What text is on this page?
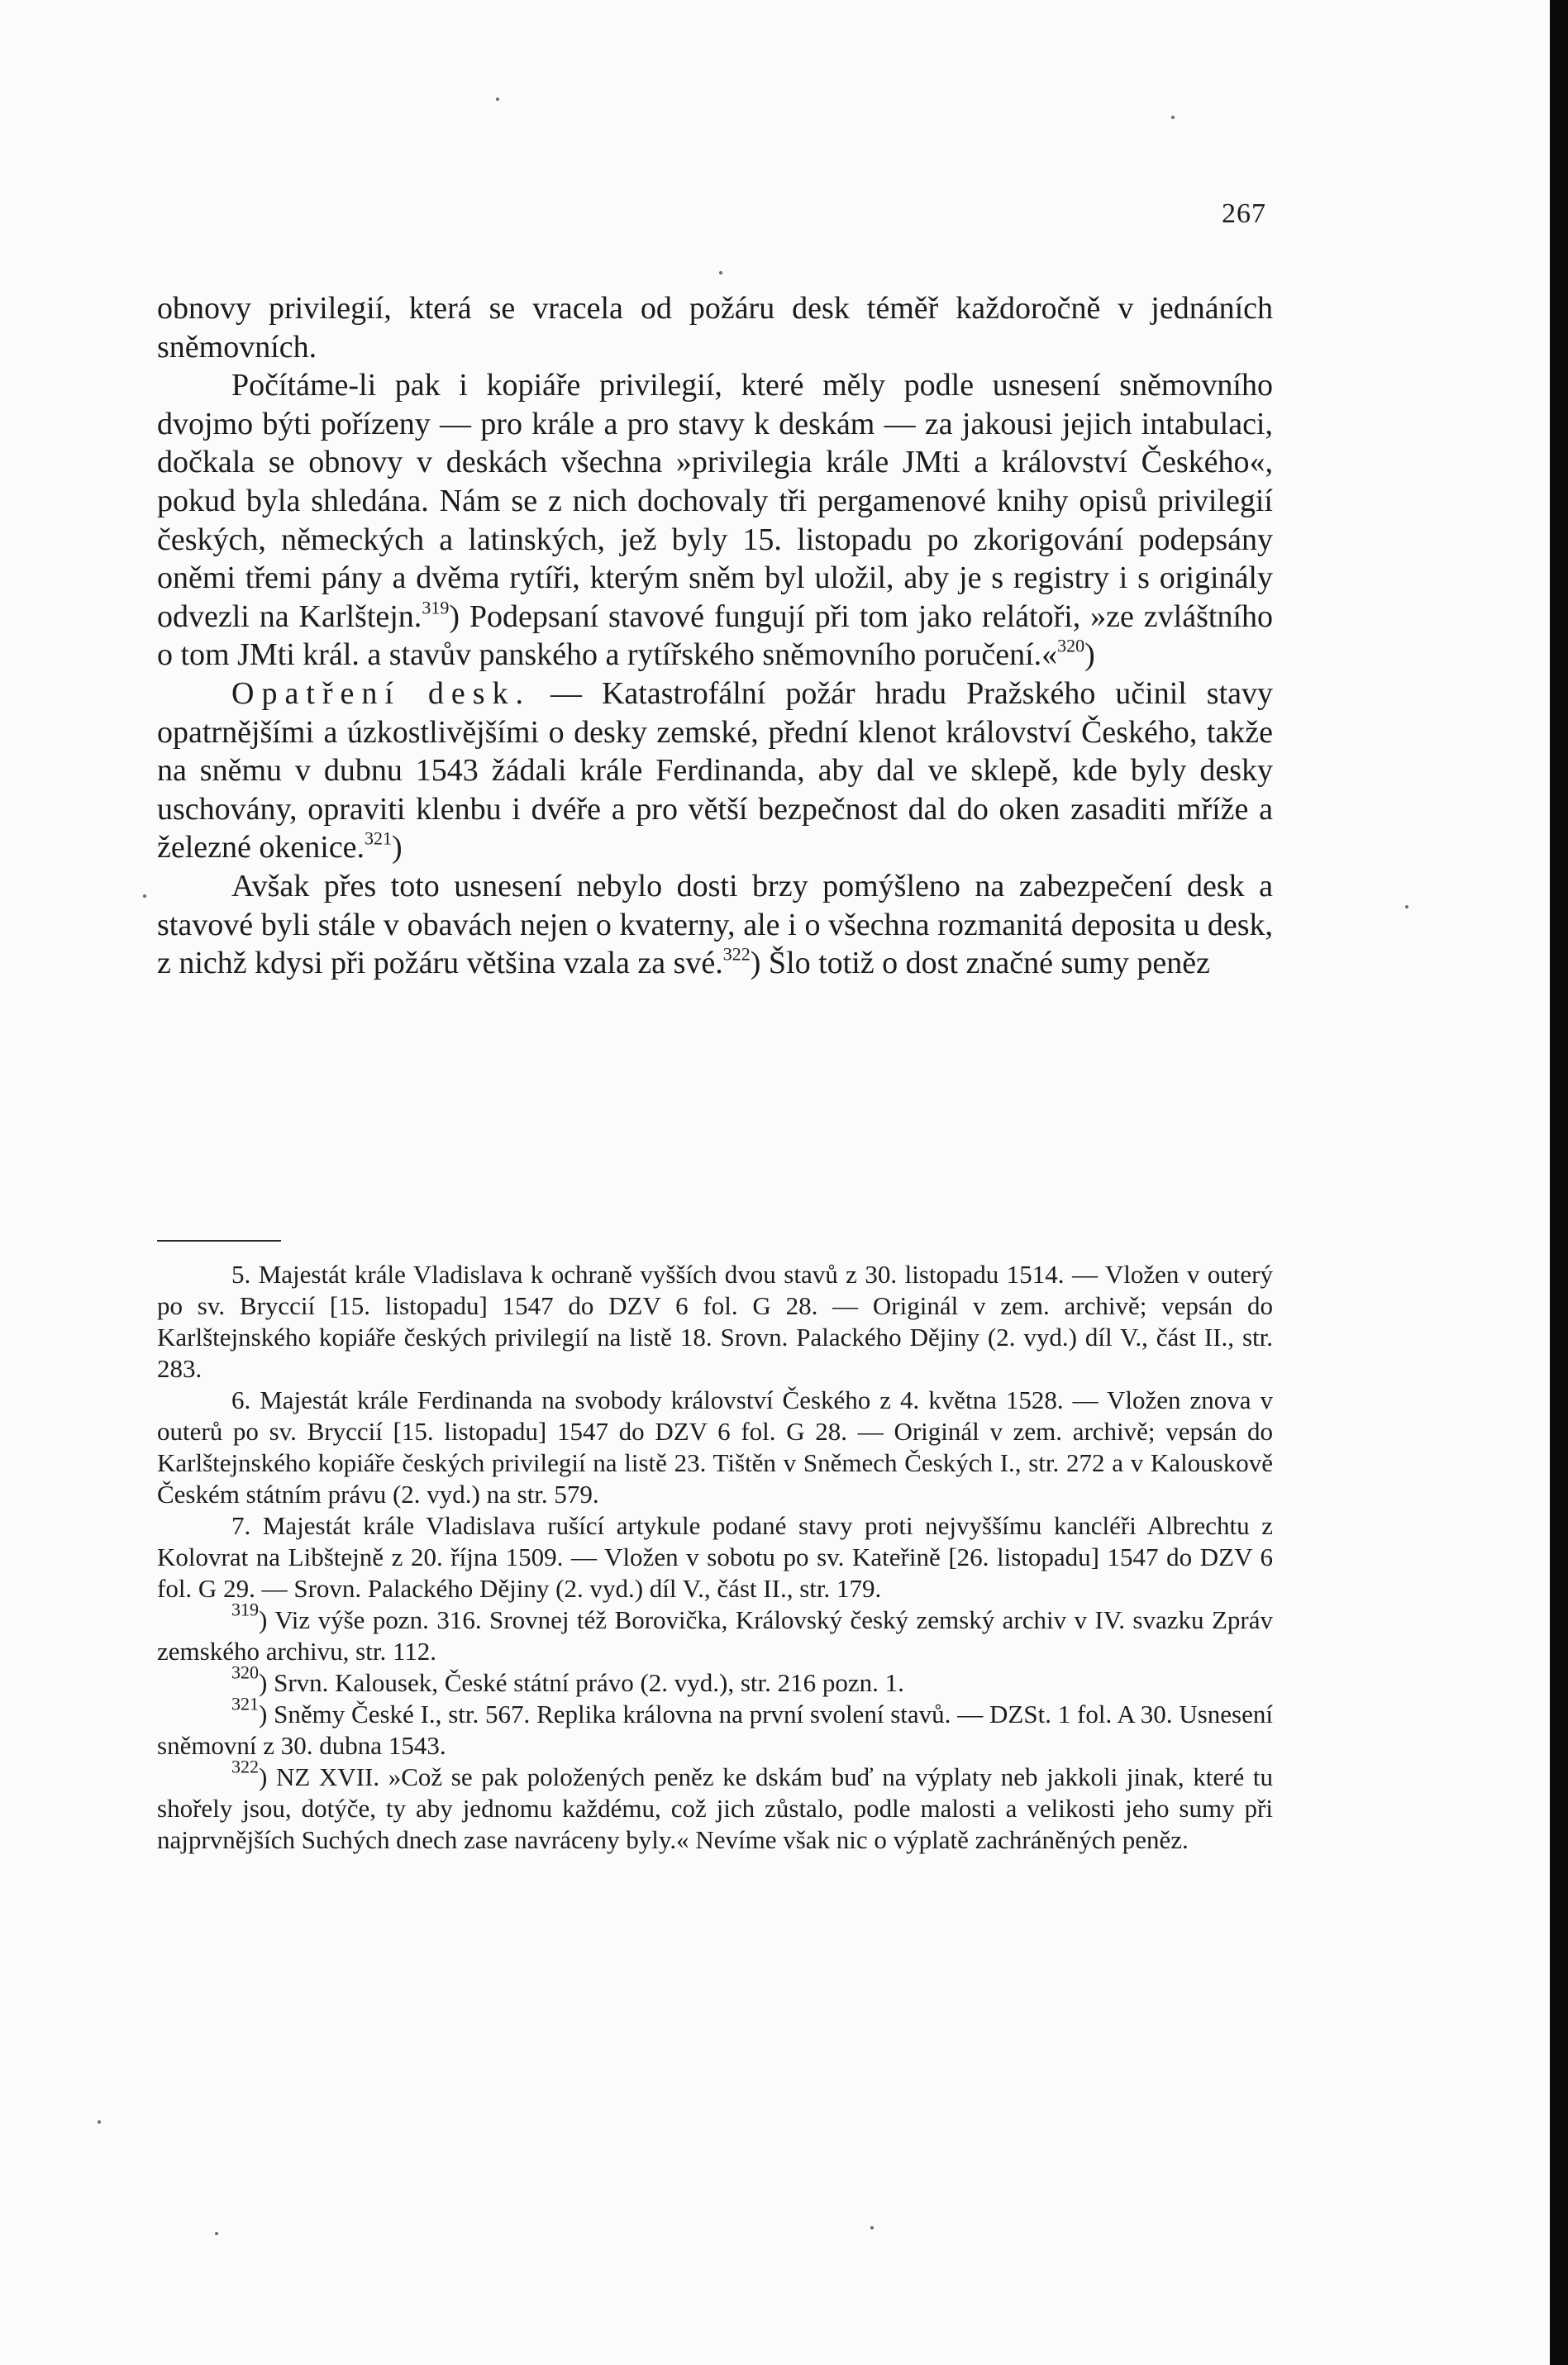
267

obnovy privilegií, která se vracela od požáru desk téměř každoročně v jednáních sněmovních.

Počítáme-li pak i kopiáře privilegií, které měly podle usnesení sněmovního dvojmo býti pořízeny — pro krále a pro stavy k deskám — za jakousi jejich intabulaci, dočkala se obnovy v deskách všechna »privilegia krále JMti a království Českého«, pokud byla shledána. Nám se z nich dochovaly tři pergamenové knihy opisů privilegií českých, německých a latinských, jež byly 15. listopadu po zkorigování podepsány oněmi třemi pány a dvěma rytíři, kterým sněm byl uložil, aby je s registry i s originály odvezli na Karlštejn.$^{319}$) Podepsaní stavové fungují při tom jako relátoři, »ze zvláštního o tom JMti král. a stavův panského a rytířského sněmovního poručení.«$^{320}$)

Opatření desk. — Katastrofální požár hradu Pražského učinil stavy opatrnějšími a úzkostlivějšími o desky zemské, přední klenot království Českého, takže na sněmu v dubnu 1543 žádali krále Ferdinanda, aby dal ve sklepě, kde byly desky uschovány, opraviti klenbu i dvéře a pro větší bezpečnost dal do oken zasaditi mříže a železné okenice.$^{321}$)

Avšak přes toto usnesení nebylo dosti brzy pomýšleno na zabezpečení desk a stavové byli stále v obavách nejen o kvaterny, ale i o všechna rozmanitá deposita u desk, z nichž kdysi při požáru většina vzala za své.$^{322}$) Šlo totiž o dost značné sumy peněz

5. Majestát krále Vladislava k ochraně vyšších dvou stavů z 30. listopadu 1514. — Vložen v outerý po sv. Bryccií [15. listopadu] 1547 do DZV 6 fol. G 28. — Originál v zem. archivě; vepsán do Karlštejnského kopiáře českých privilegií na listě 18. Srovn. Palackého Dějiny (2. vyd.) díl V., část II., str. 283.

6. Majestát krále Ferdinanda na svobody království Českého z 4. května 1528. — Vložen znova v outerů po sv. Bryccií [15. listopadu] 1547 do DZV 6 fol. G 28. — Originál v zem. archivě; vepsán do Karlštejnského kopiáře českých privilegií na listě 23. Tištěn v Sněmech Českých I., str. 272 a v Kalouskově Českém státním právu (2. vyd.) na str. 579.

7. Majestát krále Vladislava rušící artykule podané stavy proti nejvyššímu kancléři Albrechtu z Kolovrat na Libštejně z 20. října 1509. — Vložen v sobotu po sv. Kateřině [26. listopadu] 1547 do DZV 6 fol. G 29. — Srovn. Palackého Dějiny (2. vyd.) díl V., část II., str. 179.

$^{319}$) Viz výše pozn. 316. Srovnej též Borovička, Královský český zemský archiv v IV. svazku Zpráv zemského archivu, str. 112.

$^{320}$) Srvn. Kalousek, České státní právo (2. vyd.), str. 216 pozn. 1.

$^{321}$) Sněmy České I., str. 567. Replika královna na první svolení stavů. — DZSt. 1 fol. A 30. Usnesení sněmovní z 30. dubna 1543.

$^{322}$) NZ XVII. »Což se pak položených peněz ke dskám buď na výplaty neb jakkoli jinak, které tu shořely jsou, dotýče, ty aby jednomu každému, což jich zůstalo, podle malosti a velikosti jeho sumy při najprvnějších Suchých dnech zase navráceny byly.« Nevíme však nic o výplatě zachráněných peněz.
